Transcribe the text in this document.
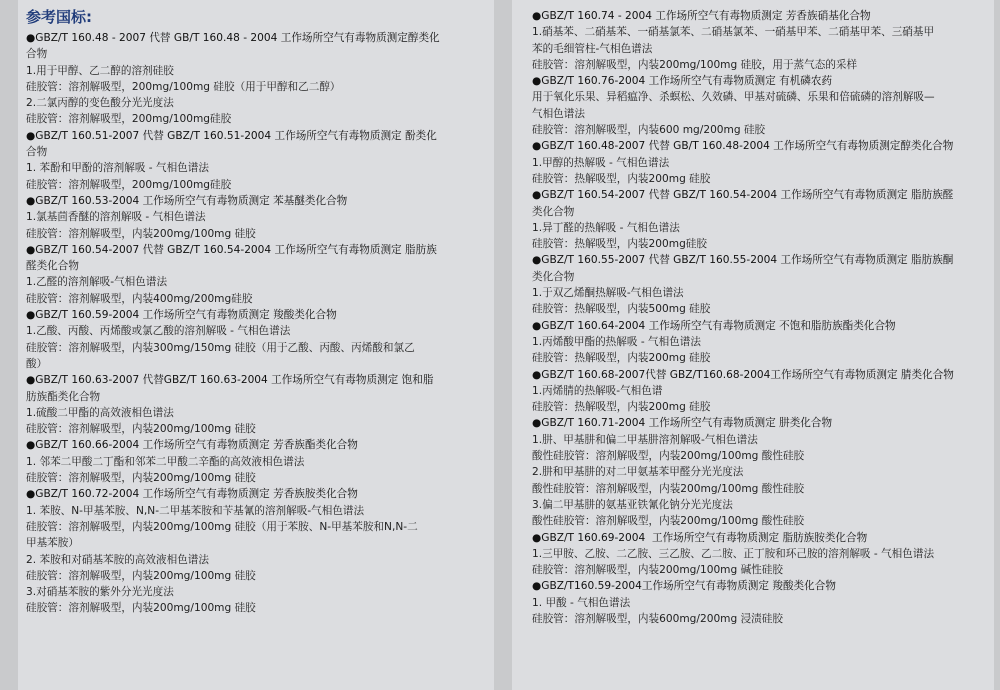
参考国标:
●GBZ/T 160.48 - 2007 代替 GB/T 160.48 - 2004 工作场所空气有毒物质测定醇类化
合物
1.用于甲醇、乙二醇的溶剂硅胶
硅胶管：溶剂解吸型，200mg/100mg 硅胶（用于甲醇和乙二醇）
2.二氯丙醇的变色酸分光光度法
硅胶管：溶剂解吸型，200mg/100mg硅胶
●GBZ/T 160.51-2007 代替 GBZ/T 160.51-2004 工作场所空气有毒物质测定 酚类化
合物
1. 苯酚和甲酚的溶剂解吸 - 气相色谱法
硅胶管：溶剂解吸型，200mg/100mg硅胶
●GBZ/T 160.53-2004 工作场所空气有毒物质测定 苯基醚类化合物
1.氯基茴香醚的溶剂解吸 - 气相色谱法
硅胶管：溶剂解吸型，内装200mg/100mg 硅胶
●GBZ/T 160.54-2007 代替 GBZ/T 160.54-2004 工作场所空气有毒物质测定 脂肪族
醛类化合物
1.乙醛的溶剂解吸-气相色谱法
硅胶管：溶剂解吸型，内装400mg/200mg硅胶
●GBZ/T 160.59-2004 工作场所空气有毒物质测定 羧酸类化合物
1.乙酸、丙酸、丙烯酸或氯乙酸的溶剂解吸 - 气相色谱法
硅胶管：溶剂解吸型，内装300mg/150mg 硅胶（用于乙酸、丙酸、丙烯酸和氯乙
酸）
●GBZ/T 160.63-2007 代替GBZ/T 160.63-2004 工作场所空气有毒物质测定 饱和脂
肪族酯类化合物
1.硫酸二甲酯的高效液相色谱法
硅胶管：溶剂解吸型，内装200mg/100mg 硅胶
●GBZ/T 160.66-2004 工作场所空气有毒物质测定 芳香族酯类化合物
1. 邻苯二甲酸二丁酯和邻苯二甲酸二辛酯的高效液相色谱法
硅胶管：溶剂解吸型，内装200mg/100mg 硅胶
●GBZ/T 160.72-2004 工作场所空气有毒物质测定 芳香族胺类化合物
1. 苯胺、N-甲基苯胺、N,N-二甲基苯胺和苄基氰的溶剂解吸-气相色谱法
硅胶管：溶剂解吸型，内装200mg/100mg 硅胶（用于苯胺、N-甲基苯胺和N,N-二
甲基苯胺）
2. 苯胺和对硝基苯胺的高效液相色谱法
硅胶管：溶剂解吸型，内装200mg/100mg 硅胶
3.对硝基苯胺的紫外分光光度法
硅胶管：溶剂解吸型，内装200mg/100mg 硅胶
●GBZ/T 160.74 - 2004 工作场所空气有毒物质测定 芳香族硝基化合物
1.硝基苯、二硝基苯、一硝基氯苯、二硝基氯苯、一硝基甲苯、二硝基甲苯、三硝基甲
苯的毛细管柱-气相色谱法
硅胶管：溶剂解吸型，内装200mg/100mg 硅胶，用于蒸气态的采样
●GBZ/T 160.76-2004 工作场所空气有毒物质测定 有机磷农药
用于氧化乐果、异稻瘟净、杀螟松、久效磷、甲基对硫磷、乐果和倍硫磷的溶剂解吸—
气相色谱法
硅胶管：溶剂解吸型，内装600 mg/200mg 硅胶
●GBZ/T 160.48-2007 代替 GB/T 160.48-2004 工作场所空气有毒物质测定醇类化合物
1.甲醇的热解吸 - 气相色谱法
硅胶管：热解吸型，内装200mg 硅胶
●GBZ/T 160.54-2007 代替 GBZ/T 160.54-2004 工作场所空气有毒物质测定 脂肪族醛
类化合物
1.异丁醛的热解吸 - 气相色谱法
硅胶管：热解吸型，内装200mg硅胶
●GBZ/T 160.55-2007 代替 GBZ/T 160.55-2004 工作场所空气有毒物质测定 脂肪族酮
类化合物
1.于双乙烯酮热解吸-气相色谱法
硅胶管：热解吸型，内装500mg 硅胶
●GBZ/T 160.64-2004 工作场所空气有毒物质测定 不饱和脂肪族酯类化合物
1.丙烯酸甲酯的热解吸 - 气相色谱法
硅胶管：热解吸型，内装200mg 硅胶
●GBZ/T 160.68-2007代替 GBZ/T160.68-2004工作场所空气有毒物质测定 腈类化合物
1.丙烯腈的热解吸-气相色谱
硅胶管：热解吸型，内装200mg 硅胶
●GBZ/T 160.71-2004 工作场所空气有毒物质测定 肼类化合物
1.肼、甲基肼和偏二甲基肼溶剂解吸-气相色谱法
酸性硅胶管：溶剂解吸型，内装200mg/100mg 酸性硅胶
2.肼和甲基肼的对二甲氨基苯甲醛分光光度法
酸性硅胶管：溶剂解吸型，内装200mg/100mg 酸性硅胶
3.偏二甲基肼的氨基亚铁氰化钠分光光度法
酸性硅胶管：溶剂解吸型，内装200mg/100mg 酸性硅胶
●GBZ/T 160.69-2004  工作场所空气有毒物质测定 脂肪族胺类化合物
1.三甲胺、乙胺、二乙胺、三乙胺、乙二胺、正丁胺和环己胺的溶剂解吸 - 气相色谱法
硅胶管：溶剂解吸型，内装200mg/100mg 碱性硅胶
●GBZ/T160.59-2004工作场所空气有毒物质测定 羧酸类化合物
1. 甲酸 - 气相色谱法
硅胶管：溶剂解吸型，内装600mg/200mg 浸渍硅胶
